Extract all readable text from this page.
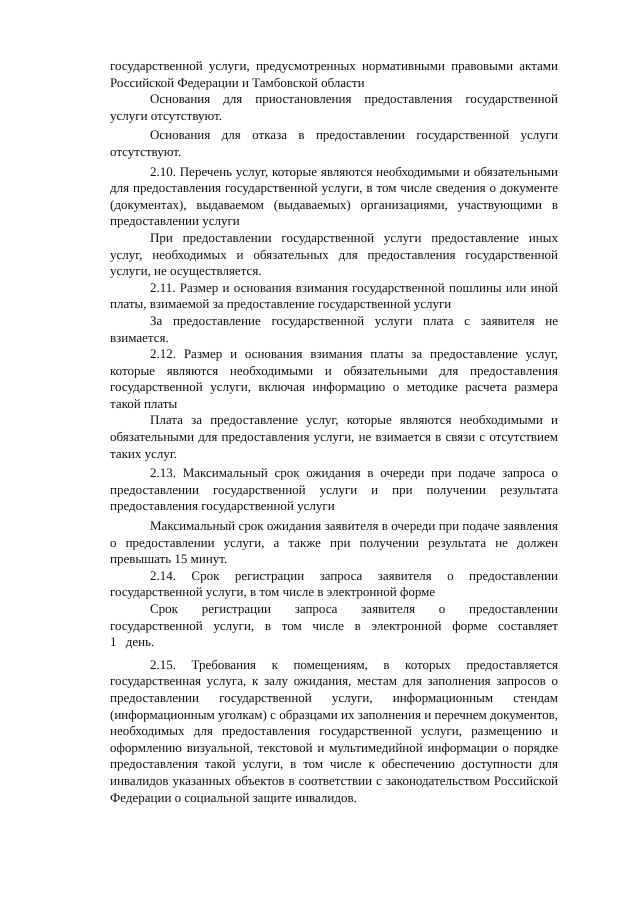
государственной услуги, предусмотренных нормативными правовыми актами Российской Федерации и Тамбовской области

Основания для приостановления предоставления государственной услуги отсутствуют.

Основания для отказа в предоставлении государственной услуги отсутствуют.

2.10. Перечень услуг, которые являются необходимыми и обязательными для предоставления государственной услуги, в том числе сведения о документе (документах), выдаваемом (выдаваемых) организациями, участвующими в предоставлении услуги

При предоставлении государственной услуги предоставление иных услуг, необходимых и обязательных для предоставления государственной услуги, не осуществляется.

2.11. Размер и основания взимания государственной пошлины или иной платы, взимаемой за предоставление государственной услуги

За предоставление государственной услуги плата с заявителя не взимается.

2.12. Размер и основания взимания платы за предоставление услуг, которые являются необходимыми и обязательными для предоставления государственной услуги, включая информацию о методике расчета размера такой платы

Плата за предоставление услуг, которые являются необходимыми и обязательными для предоставления услуги, не взимается в связи с отсутствием таких услуг.

2.13. Максимальный срок ожидания в очереди при подаче запроса о предоставлении государственной услуги и при получении результата предоставления государственной услуги

Максимальный срок ожидания заявителя в очереди при подаче заявления о предоставлении услуги, а также при получении результата не должен превышать 15 минут.

2.14. Срок регистрации запроса заявителя о предоставлении государственной услуги, в том числе в электронной форме

Срок регистрации запроса заявителя о предоставлении государственной услуги, в том числе в электронной форме составляет 1 день.

2.15. Требования к помещениям, в которых предоставляется государственная услуга, к залу ожидания, местам для заполнения запросов о предоставлении государственной услуги, информационным стендам (информационным уголкам) с образцами их заполнения и перечнем документов, необходимых для предоставления государственной услуги, размещению и оформлению визуальной, текстовой и мультимедийной информации о порядке предоставления такой услуги, в том числе к обеспечению доступности для инвалидов указанных объектов в соответствии с законодательством Российской Федерации о социальной защите инвалидов.
